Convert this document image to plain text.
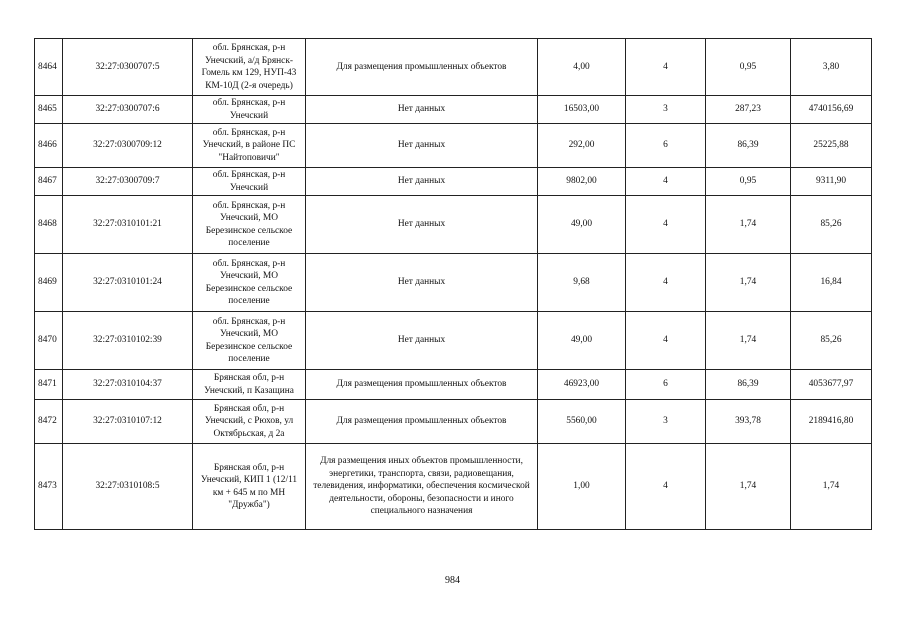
8464	32:27:0300707:5	обл. Брянская, р-н Унечский, а/д Брянск-Гомель км 129, НУП-43 КМ-10Д (2-я очередь)	Для размещения промышленных объектов	4,00	4	0,95	3,80
8465	32:27:0300707:6	обл. Брянская, р-н Унечский	Нет данных	16503,00	3	287,23	4740156,69
8466	32:27:0300709:12	обл. Брянская, р-н Унечский, в районе ПС "Найтоповичи"	Нет данных	292,00	6	86,39	25225,88
8467	32:27:0300709:7	обл. Брянская, р-н Унечский	Нет данных	9802,00	4	0,95	9311,90
8468	32:27:0310101:21	обл. Брянская, р-н Унечский, МО Березинское сельское поселение	Нет данных	49,00	4	1,74	85,26
8469	32:27:0310101:24	обл. Брянская, р-н Унечский, МО Березинское сельское поселение	Нет данных	9,68	4	1,74	16,84
8470	32:27:0310102:39	обл. Брянская, р-н Унечский, МО Березинское сельское поселение	Нет данных	49,00	4	1,74	85,26
8471	32:27:0310104:37	Брянская обл, р-н Унечский, п Казащина	Для размещения промышленных объектов	46923,00	6	86,39	4053677,97
8472	32:27:0310107:12	Брянская обл, р-н Унечский, с Рюхов, ул Октябрьская, д 2а	Для размещения промышленных объектов	5560,00	3	393,78	2189416,80
8473	32:27:0310108:5	Брянская обл, р-н Унечский, КИП 1 (12/11 км + 645 м по МН "Дружба")	Для размещения иных объектов промышленности, энергетики, транспорта, связи, радиовещания, телевидения, информатики, обеспечения космической деятельности, обороны, безопасности и иного специального назначения	1,00	4	1,74	1,74
984
